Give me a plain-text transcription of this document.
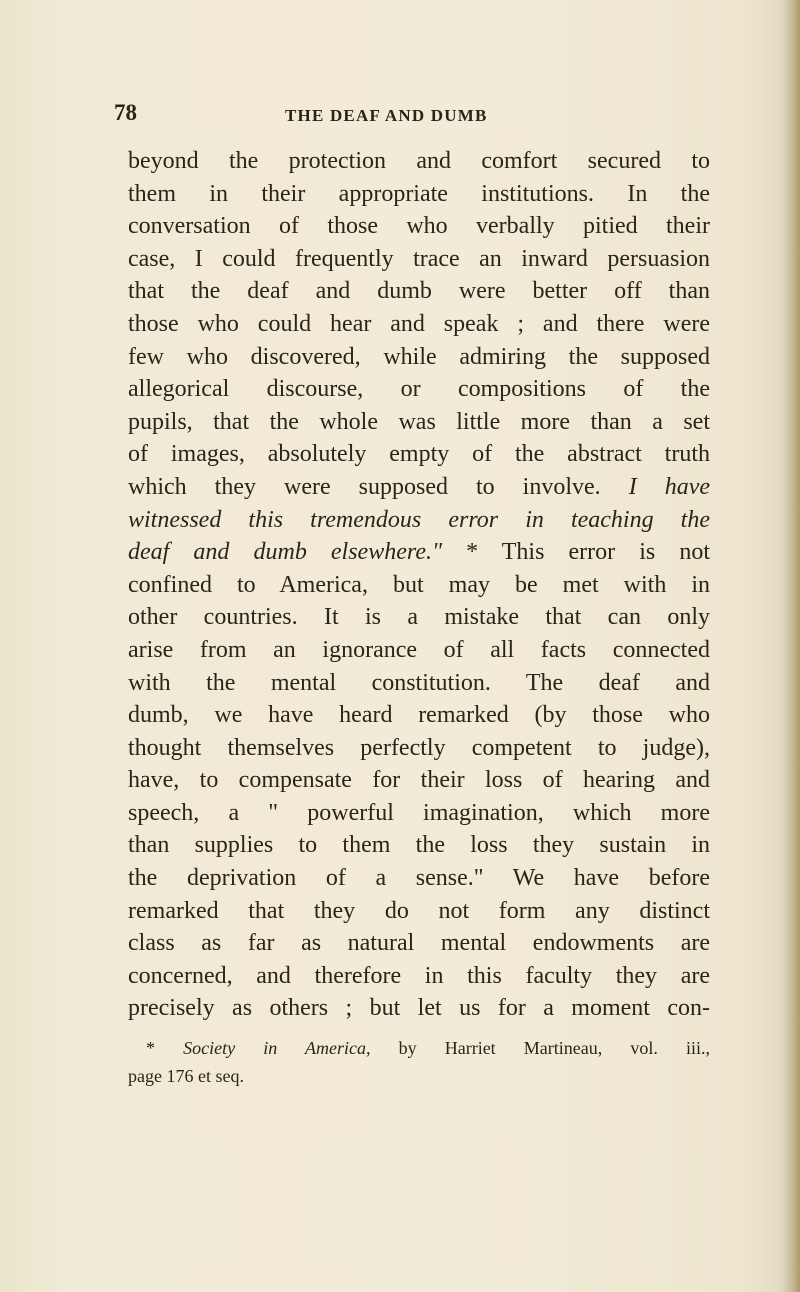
78	THE DEAF AND DUMB
beyond the protection and comfort secured to
them in their appropriate institutions. In the
conversation of those who verbally pitied their
case, I could frequently trace an inward persuasion
that the deaf and dumb were better off than
those who could hear and speak ; and there were
few who discovered, while admiring the supposed
allegorical discourse, or compositions of the
pupils, that the whole was little more than a set
of images, absolutely empty of the abstract truth
which they were supposed to involve. I have
witnessed this tremendous error in teaching the
deaf and dumb elsewhere." * This error is not
confined to America, but may be met with in
other countries. It is a mistake that can only
arise from an ignorance of all facts connected
with the mental constitution. The deaf and
dumb, we have heard remarked (by those who
thought themselves perfectly competent to judge),
have, to compensate for their loss of hearing and
speech, a " powerful imagination, which more
than supplies to them the loss they sustain in
the deprivation of a sense." We have before
remarked that they do not form any distinct
class as far as natural mental endowments are
concerned, and therefore in this faculty they are
precisely as others ; but let us for a moment con-
* Society in America, by Harriet Martineau, vol. iii.,
page 176 et seq.
